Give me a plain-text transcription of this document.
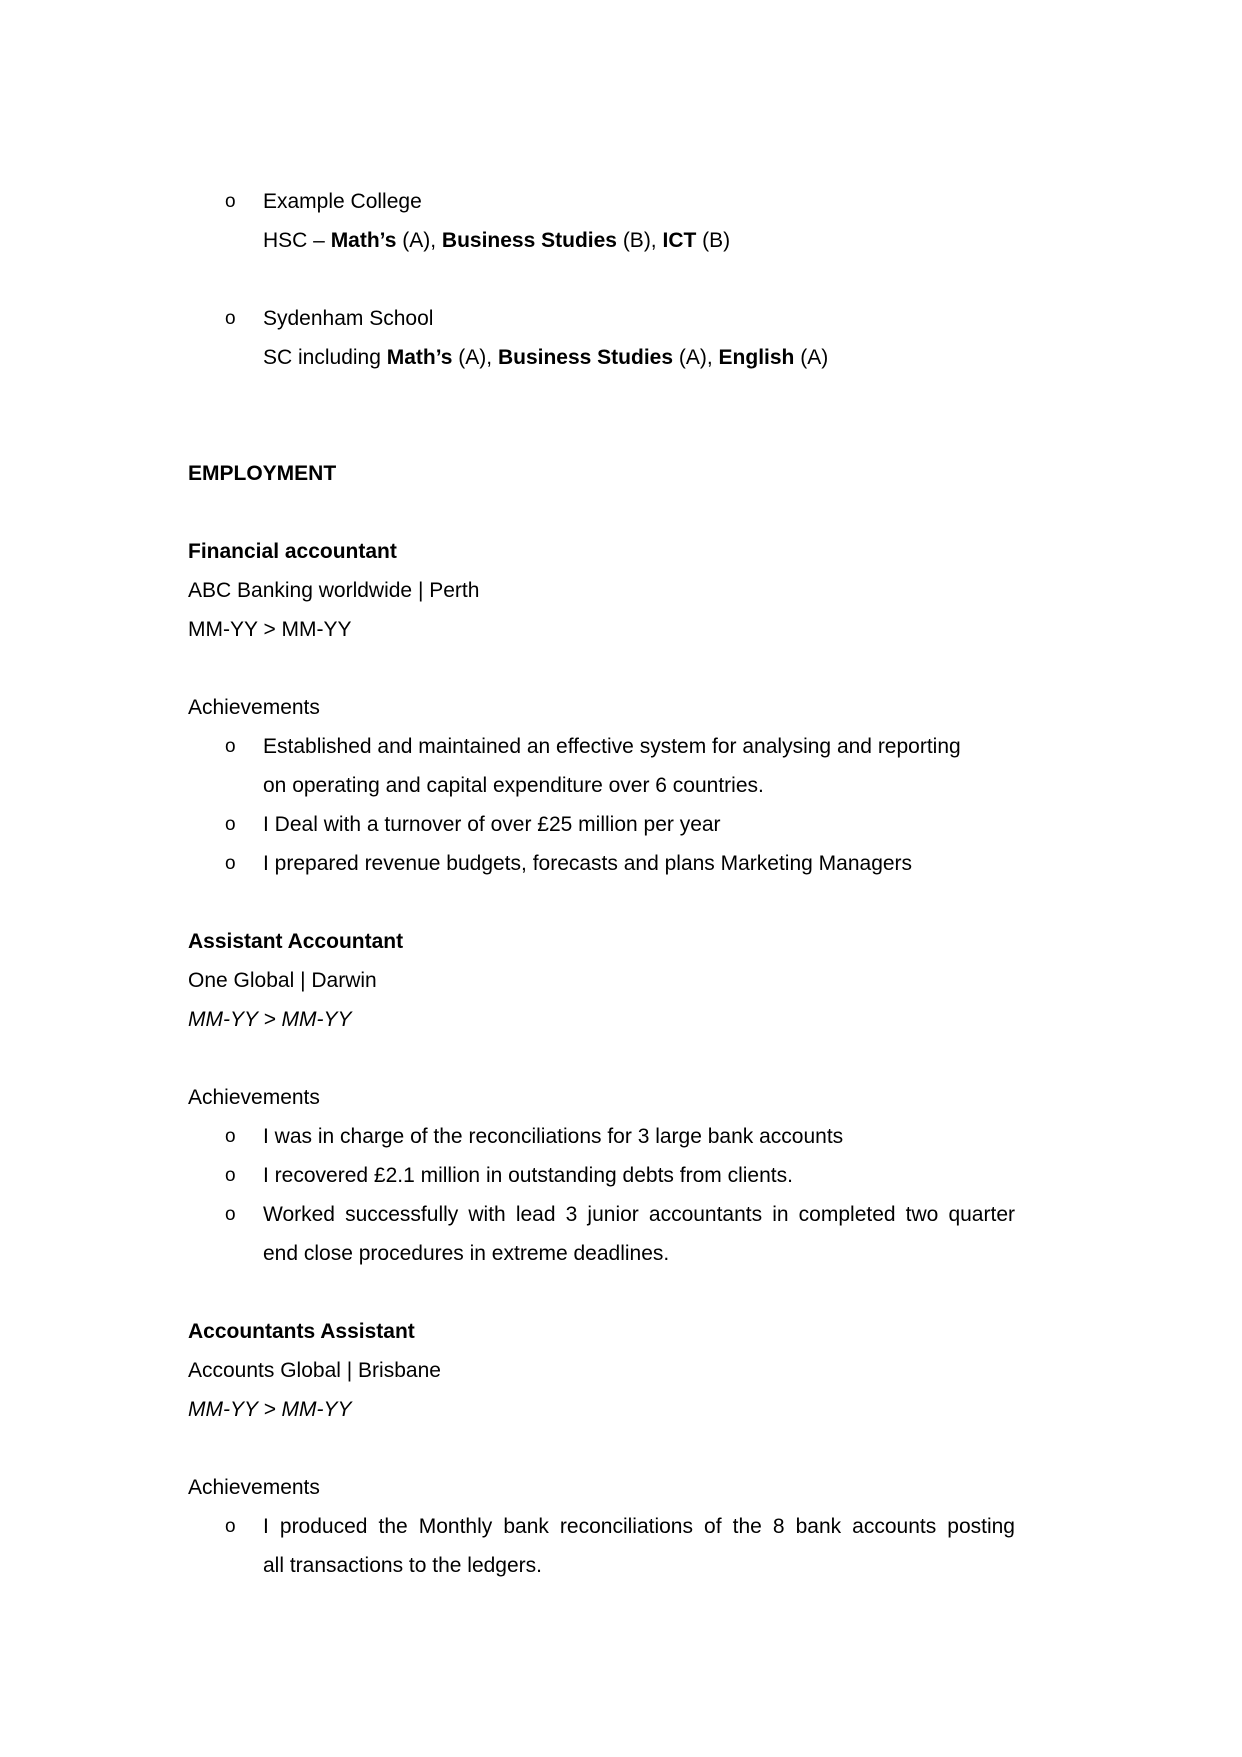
o Example College
HSC – Math’s (A), Business Studies (B), ICT (B)
o Sydenham School
SC including Math’s (A), Business Studies (A), English (A)
EMPLOYMENT
Financial accountant
ABC Banking worldwide | Perth
MM-YY > MM-YY
Achievements
o Established and maintained an effective system for analysing and reporting
on operating and capital expenditure over 6 countries.
o I Deal with a turnover of over £25 million per year
o I prepared revenue budgets, forecasts and plans Marketing Managers
Assistant Accountant
One Global | Darwin
MM-YY > MM-YY
Achievements
o I was in charge of the reconciliations for 3 large bank accounts
o I recovered £2.1 million in outstanding debts from clients.
o Worked successfully with lead 3 junior accountants in completed two quarter
end close procedures in extreme deadlines.
Accountants Assistant
Accounts Global | Brisbane
MM-YY > MM-YY
Achievements
o I produced the Monthly bank reconciliations of the 8 bank accounts posting
all transactions to the ledgers.
